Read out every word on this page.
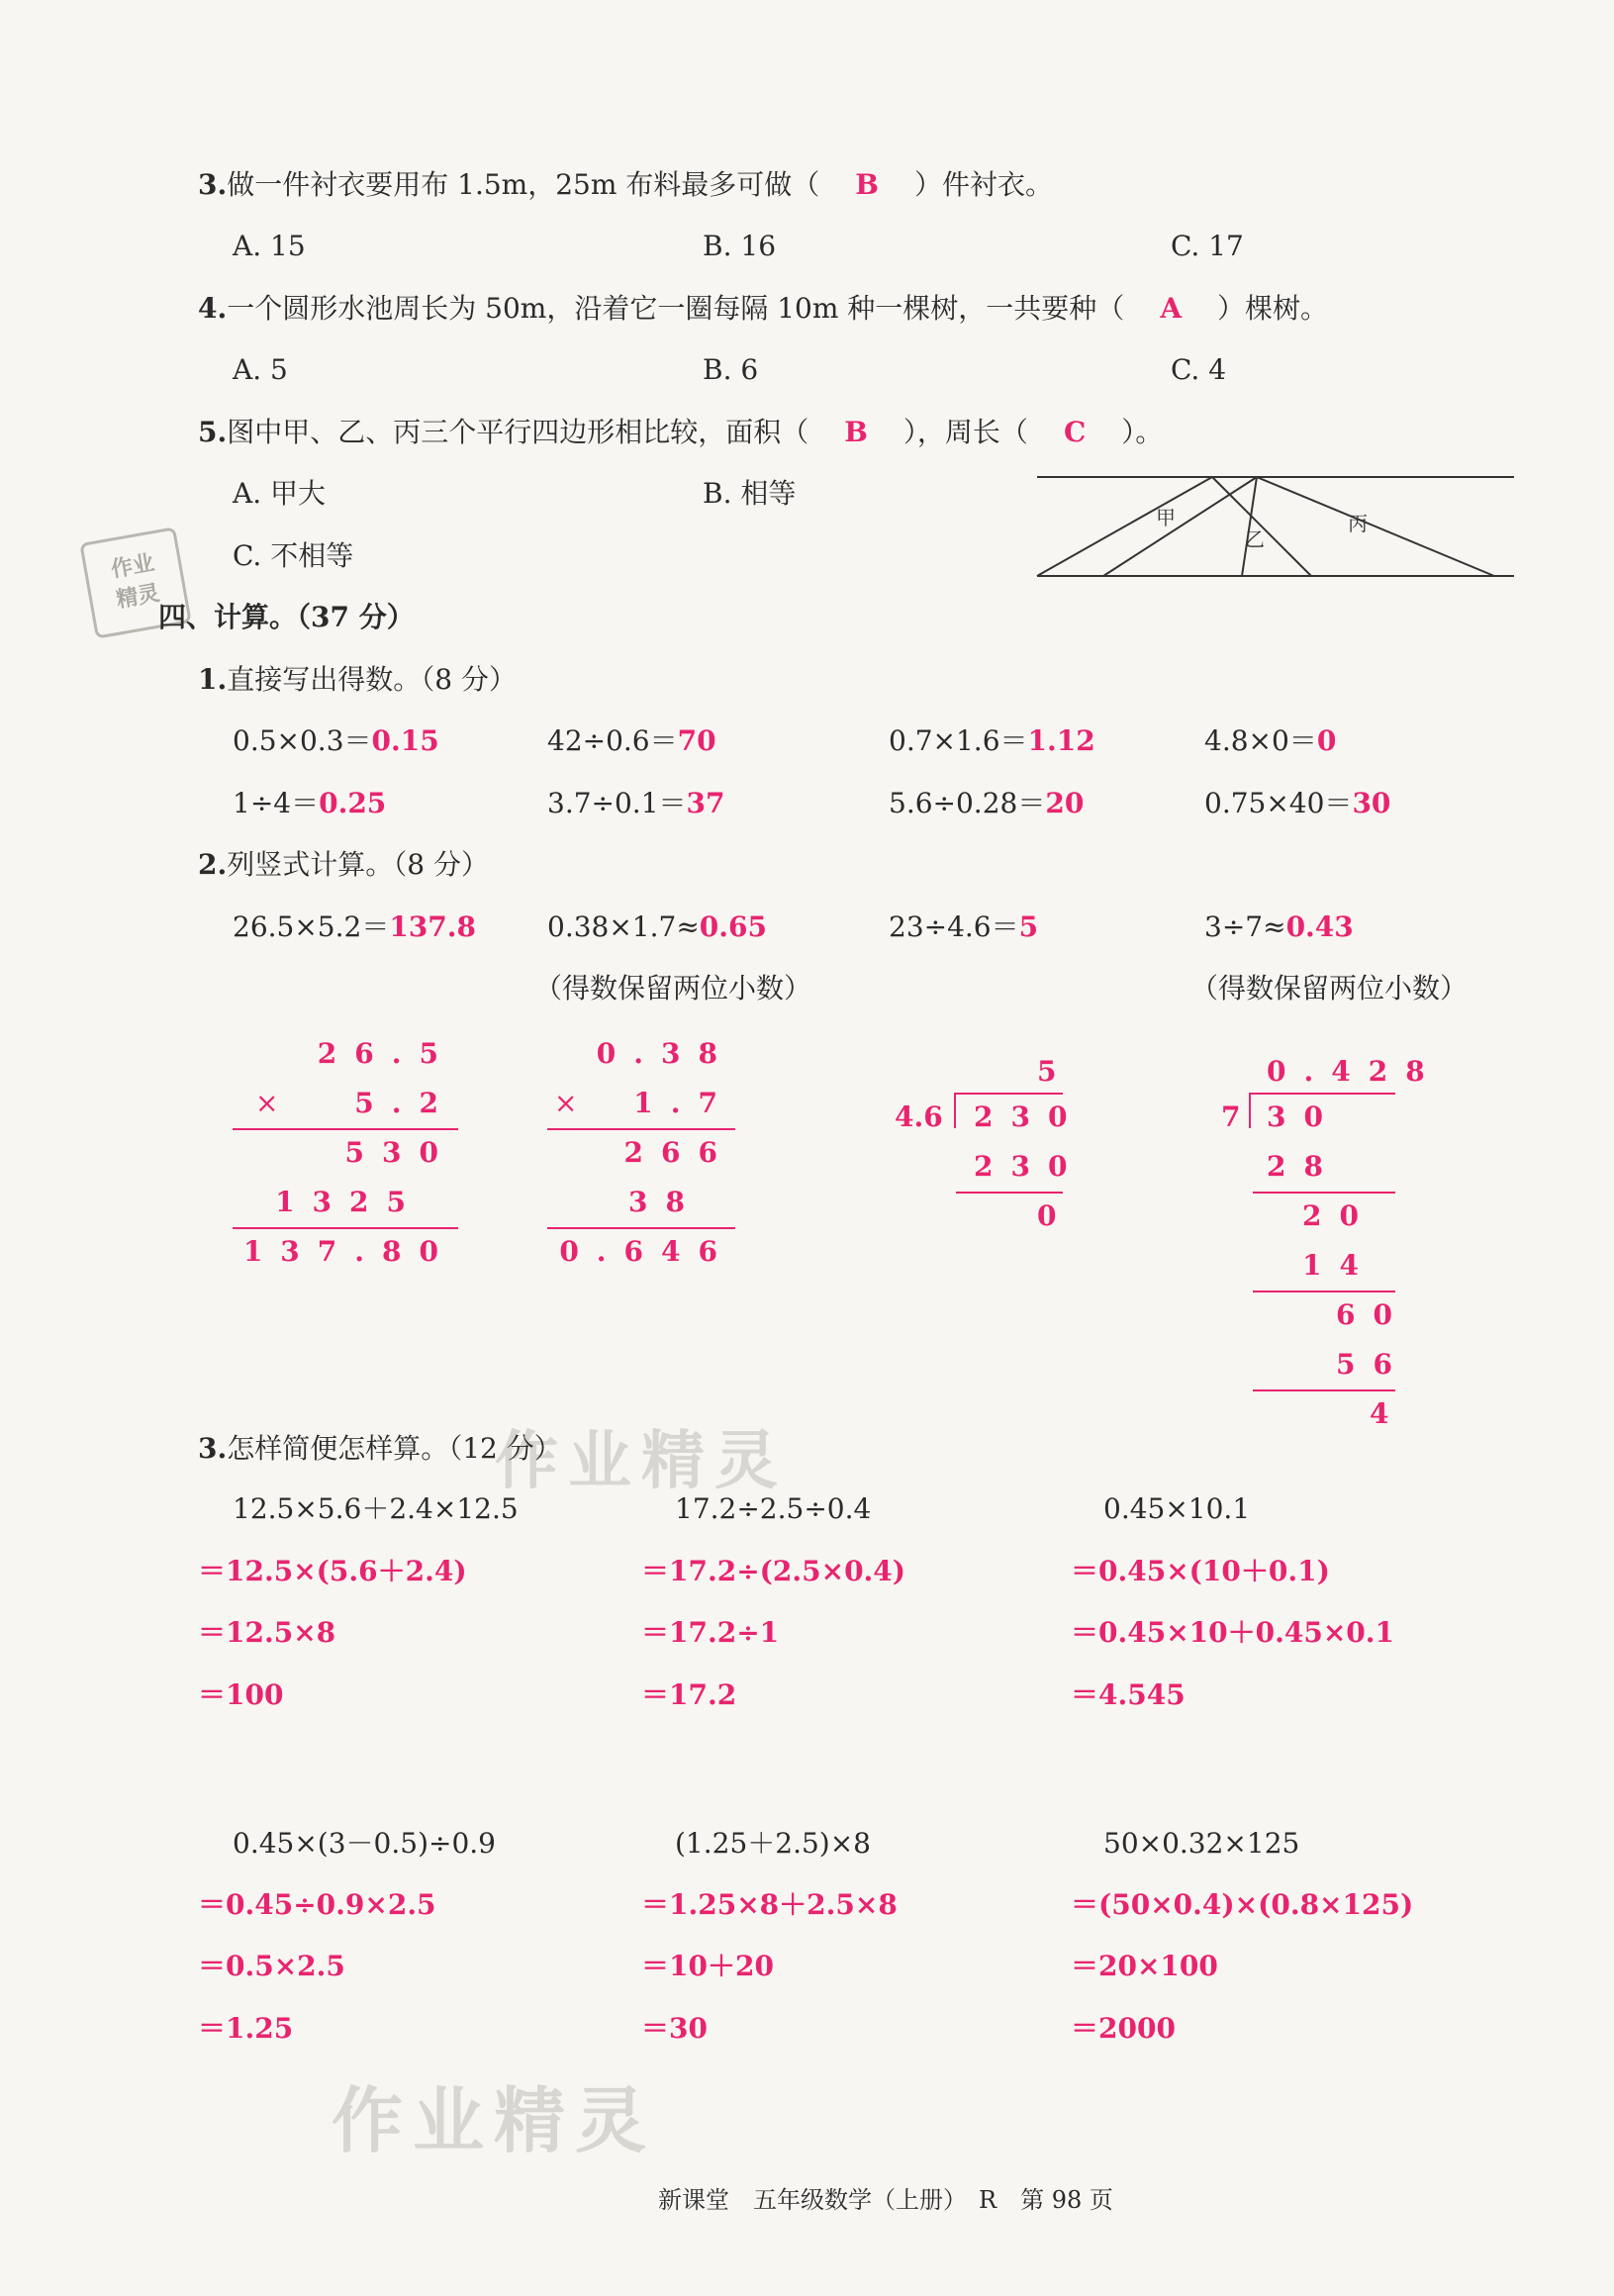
作业精灵
作业精灵
3.做一件衬衣要用布 1.5m，25m 布料最多可做（ B ）件衬衣。
A. 15	B. 16	C. 17
4.一个圆形水池周长为 50m，沿着它一圈每隔 10m 种一棵树，一共要种（ A ）棵树。
A. 5	B. 6	C. 4
5.图中甲、乙、丙三个平行四边形相比较，面积（ B ），周长（ C ）。
A. 甲大	B. 相等
C. 不相等
甲
乙
丙
作业
精灵
四、计算。（37 分）
1.直接写出得数。（8 分）
0.5×0.3＝0.15	42÷0.6＝70	0.7×1.6＝1.12	4.8×0＝0
1÷4＝0.25	3.7÷0.1＝37	5.6÷0.28＝20	0.75×40＝30
2.列竖式计算。（8 分）
26.5×5.2＝137.8	0.38×1.7≈0.65	23÷4.6＝5	3÷7≈0.43
（得数保留两位小数）	（得数保留两位小数）
26.5
×	5.2
530
1325
137.80
0.38
× 1.7
266
38
0.646
5
4.6 230
230
0
0.428
7 30
28
20
14
60
56
4
3.怎样简便怎样算。（12 分）
12.5×5.6＋2.4×12.5
＝12.5×(5.6＋2.4)
＝12.5×8
＝100
17.2÷2.5÷0.4
＝17.2÷(2.5×0.4)
＝17.2÷1
＝17.2
0.45×10.1
＝0.45×(10＋0.1)
＝0.45×10＋0.45×0.1
＝4.545
0.45×(3－0.5)÷0.9
＝0.45÷0.9×2.5
＝0.5×2.5
＝1.25
(1.25＋2.5)×8
＝1.25×8＋2.5×8
＝10＋20
＝30
50×0.32×125
＝(50×0.4)×(0.8×125)
＝20×100
＝2000
新课堂　五年级数学（上册）　R　第 98 页
